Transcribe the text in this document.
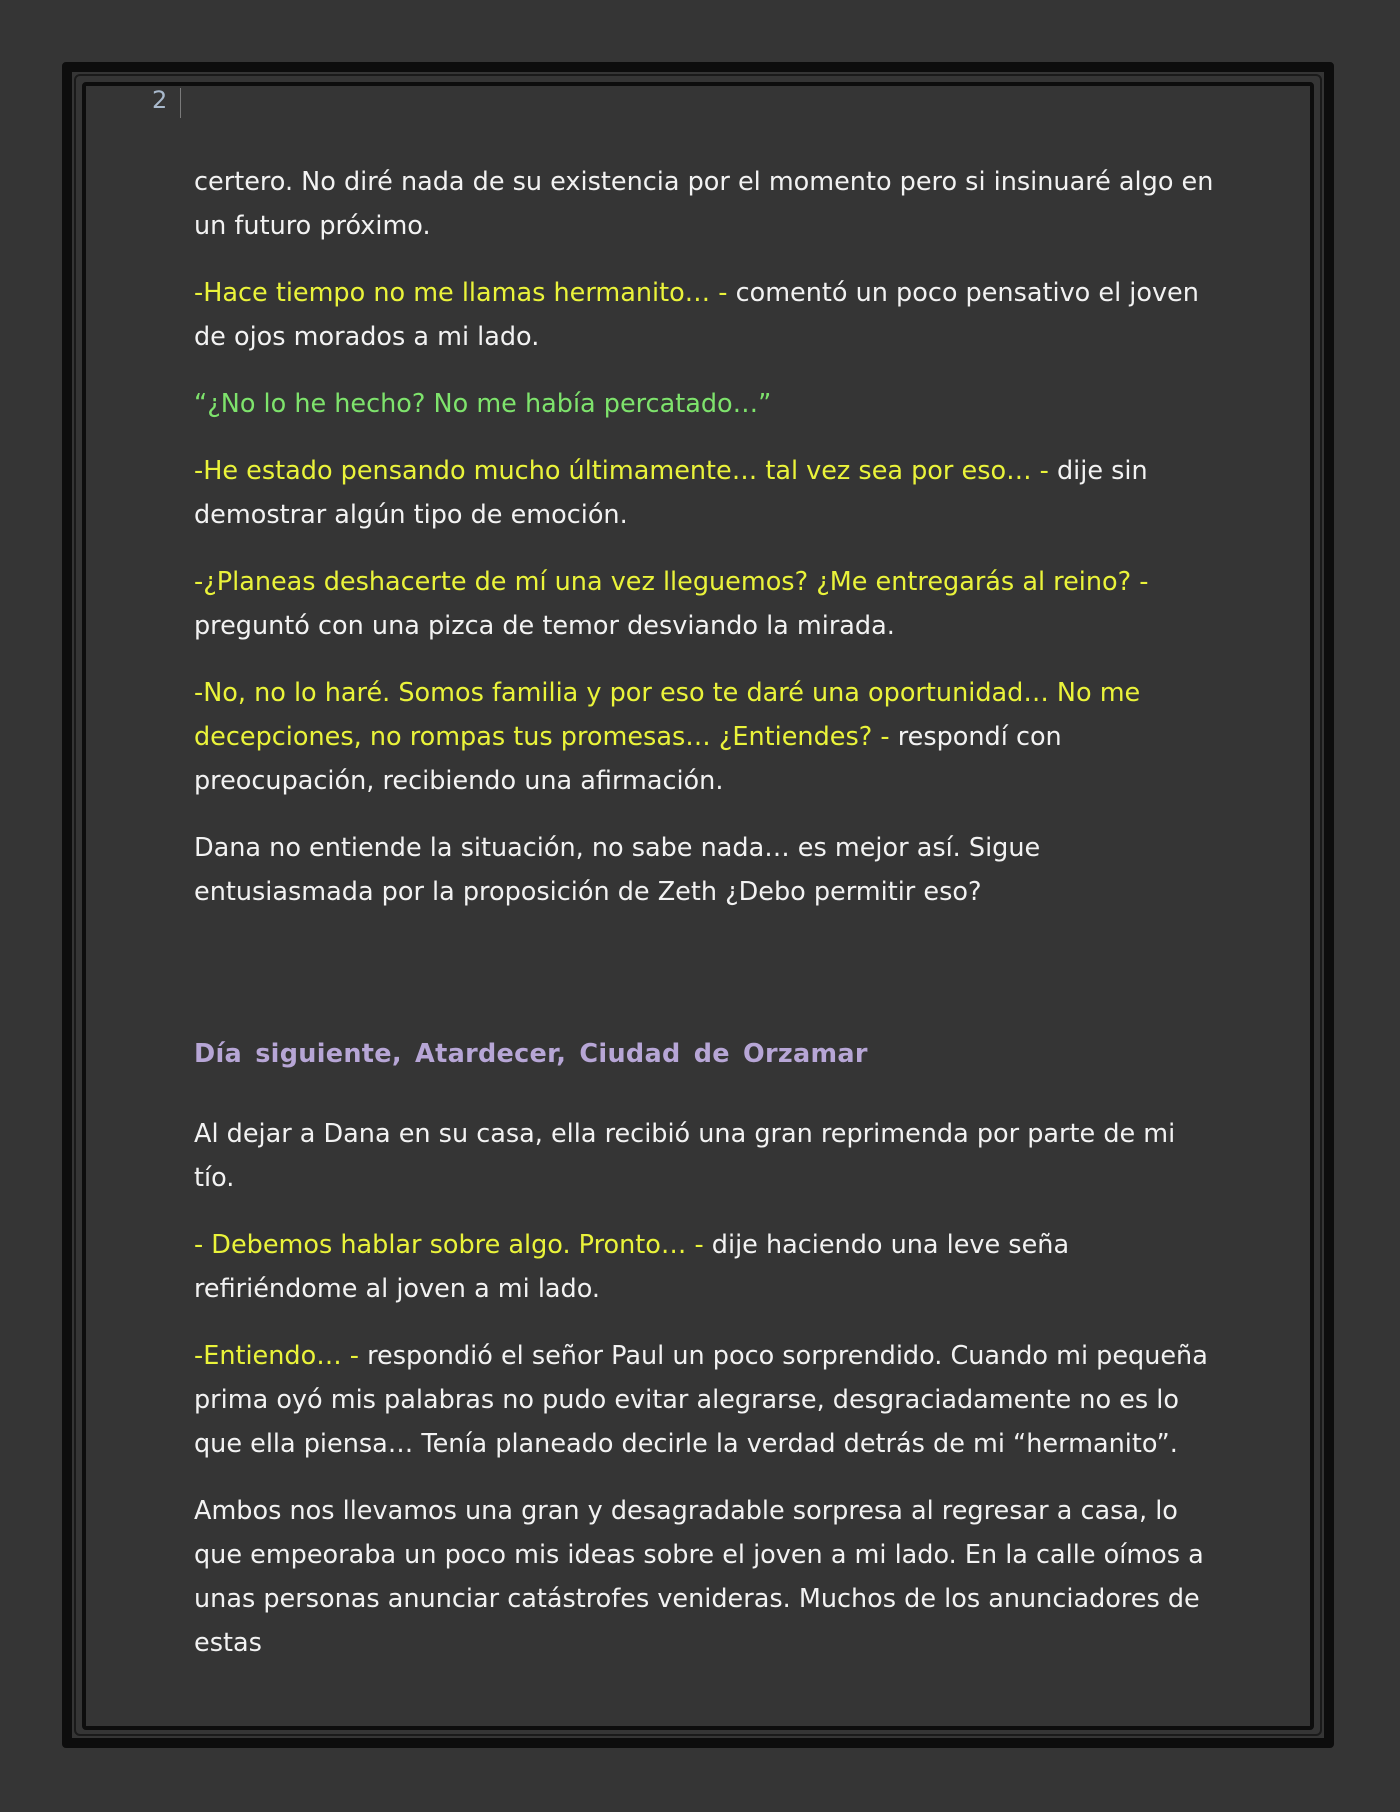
2

certero. No diré nada de su existencia por el momento pero si insinuaré algo en un futuro próximo.

-Hace tiempo no me llamas hermanito… - comentó un poco pensativo el joven de ojos morados a mi lado.

“¿No lo he hecho? No me había percatado…”

-He estado pensando mucho últimamente… tal vez sea por eso… - dije sin demostrar algún tipo de emoción.

-¿Planeas deshacerte de mí una vez lleguemos? ¿Me entregarás al reino? - preguntó con una pizca de temor desviando la mirada.

-No, no lo haré. Somos familia y por eso te daré una oportunidad… No me decepciones, no rompas tus promesas… ¿Entiendes? - respondí con preocupación, recibiendo una afirmación.

Dana no entiende la situación, no sabe nada… es mejor así. Sigue entusiasmada por la proposición de Zeth ¿Debo permitir eso?

Día siguiente, Atardecer, Ciudad de Orzamar

Al dejar a Dana en su casa, ella recibió una gran reprimenda por parte de mi tío.

- Debemos hablar sobre algo. Pronto… - dije haciendo una leve seña refiriéndome al joven a mi lado.

-Entiendo… - respondió el señor Paul un poco sorprendido. Cuando mi pequeña prima oyó mis palabras no pudo evitar alegrarse, desgraciadamente no es lo que ella piensa… Tenía planeado decirle la verdad detrás de mi “hermanito”.

Ambos nos llevamos una gran y desagradable sorpresa al regresar a casa, lo que empeoraba un poco mis ideas sobre el joven a mi lado. En la calle oímos a unas personas anunciar catástrofes venideras. Muchos de los anunciadores de estas
